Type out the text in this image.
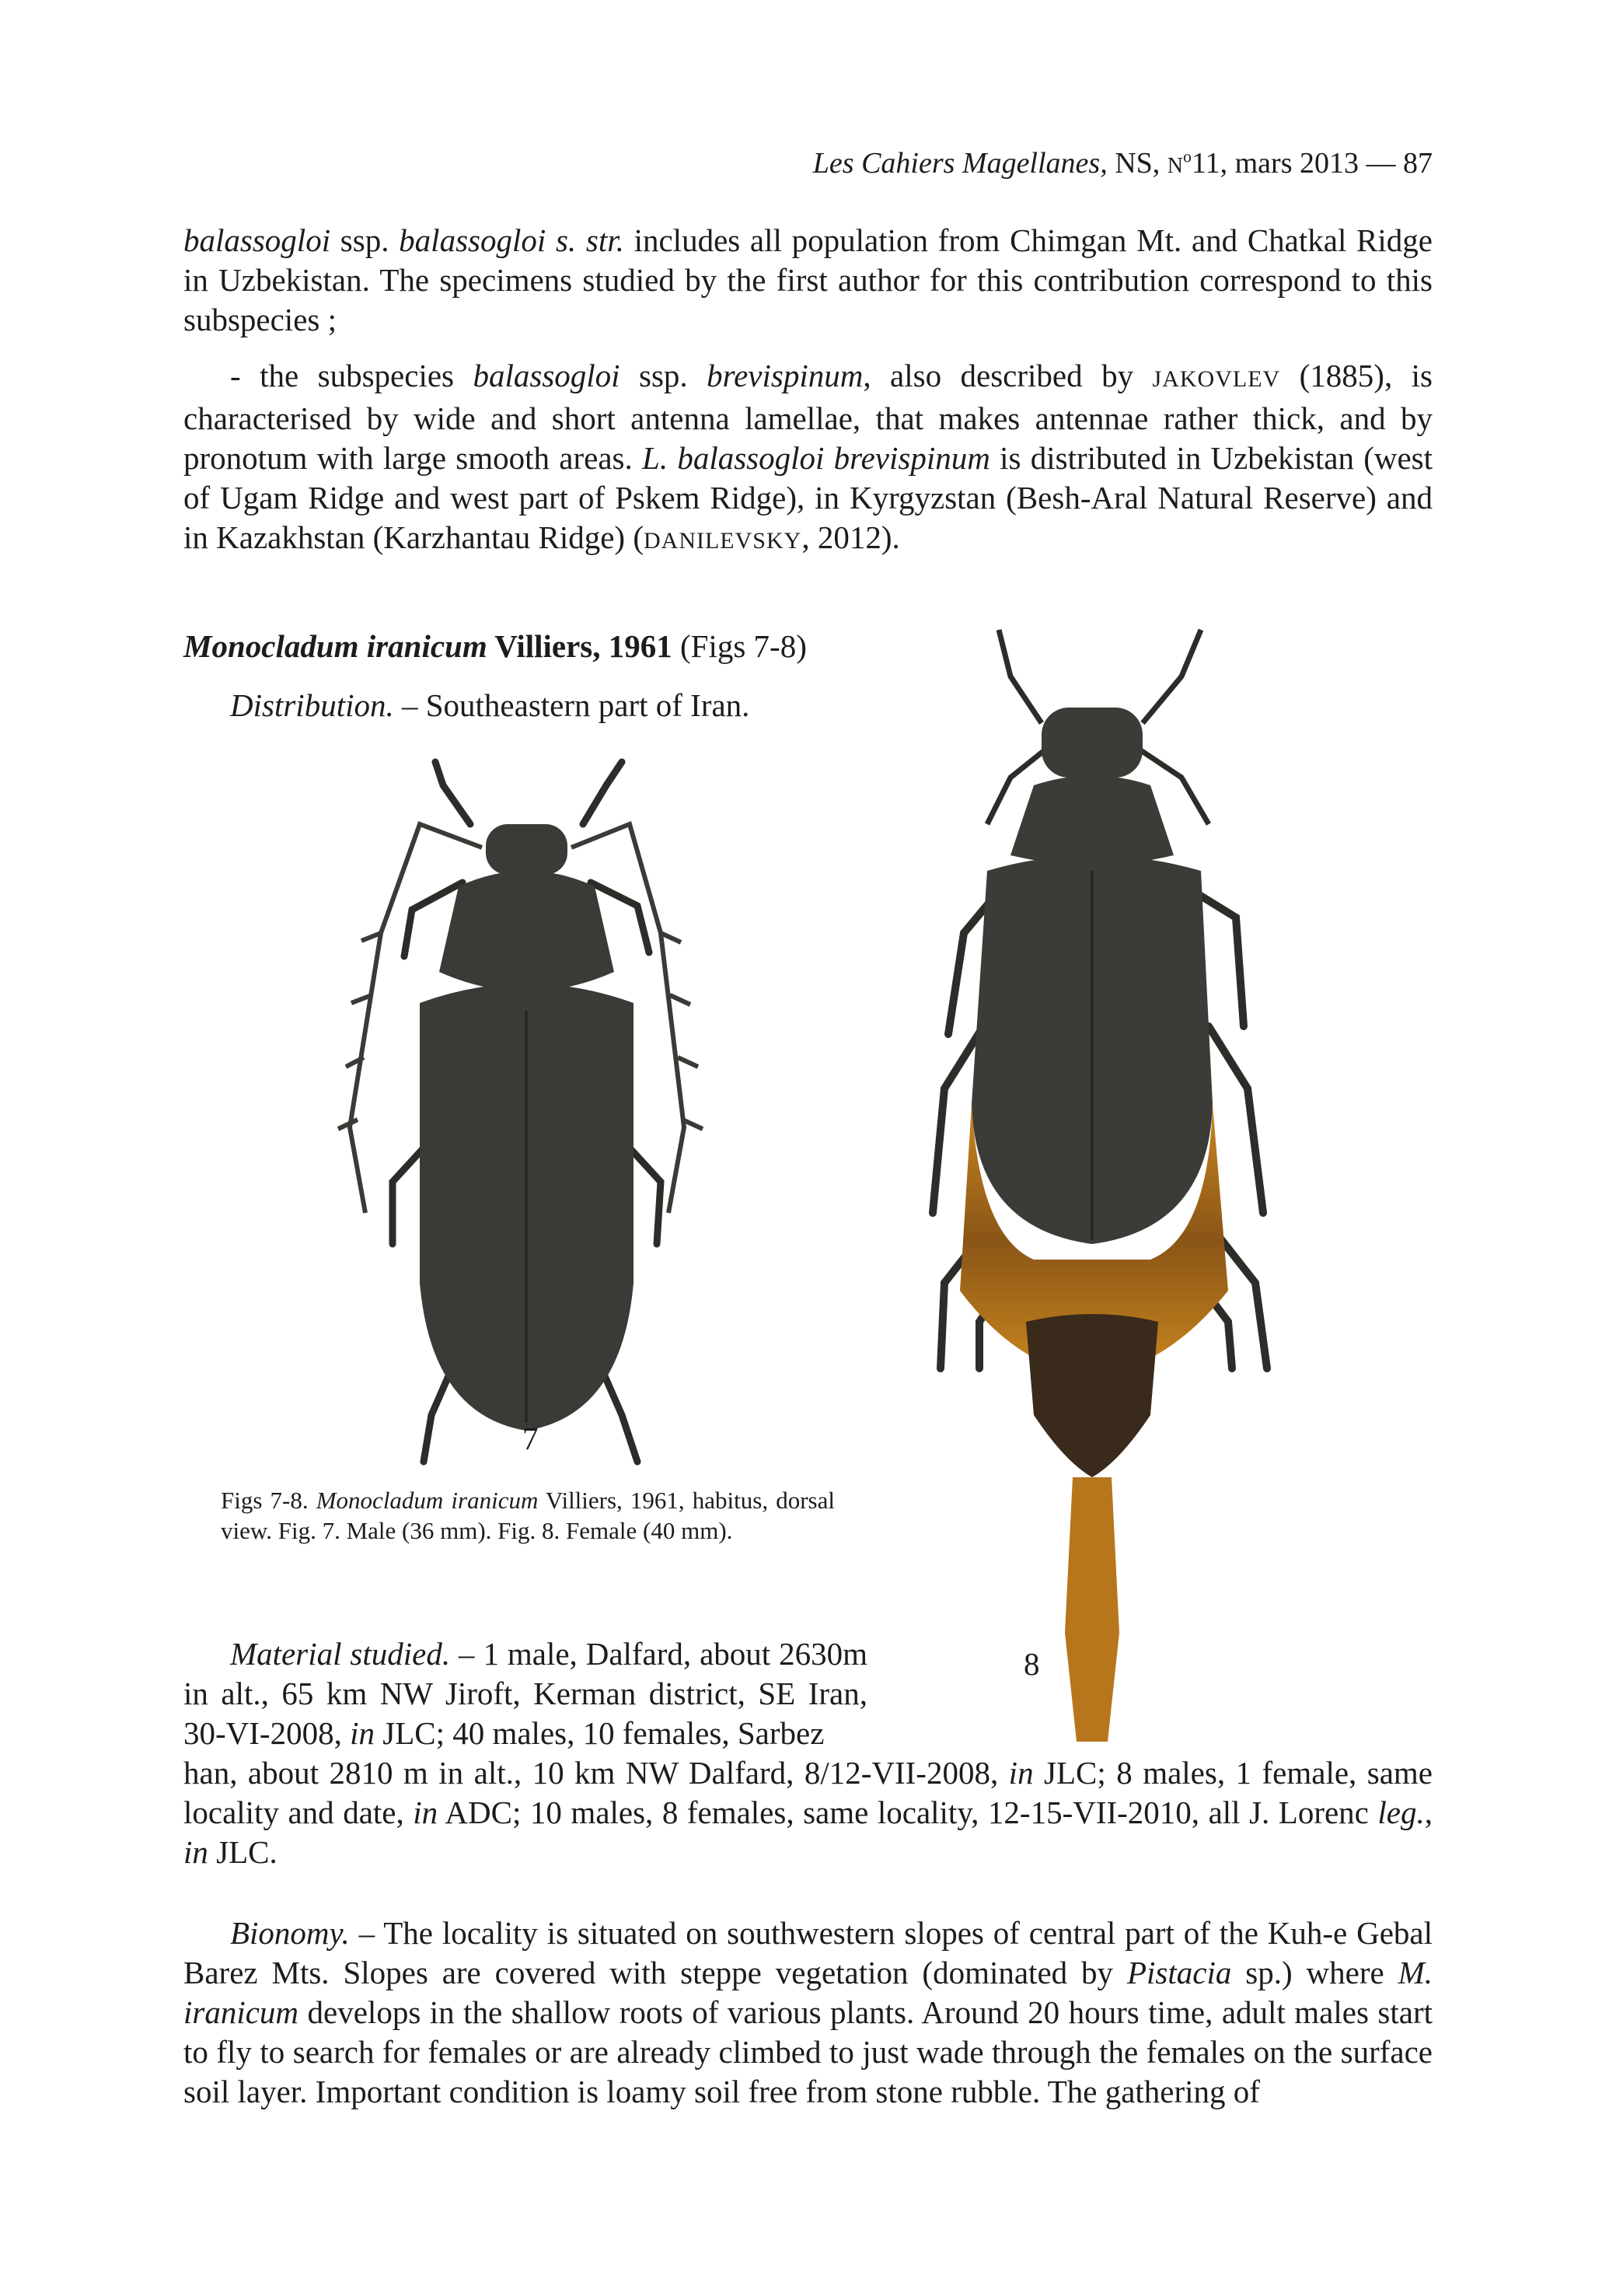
Les Cahiers Magellanes, NS, $N^o11$, mars 2013 — 87

balassogloi ssp. balassogloi s. str. includes all population from Chimgan Mt. and Chatkal Ridge in Uzbekistan. The specimens studied by the first author for this contribution correspond to this subspecies ;

- the subspecies balassogloi ssp. brevispinum, also described by JAKOVLEV (1885), is characterised by wide and short antenna lamellae, that makes antennae rather thick, and by pronotum with large smooth areas. L. balassogloi brevispinum is distributed in Uzbekistan (west of Ugam Ridge and west part of Pskem Ridge), in Kyrgyzstan (Besh-Aral Natural Reserve) and in Kazakhstan (Karzhantau Ridge) (DANILEVSKY, 2012).

Monocladum iranicum Villiers, 1961 (Figs 7-8)
Distribution. – Southeastern part of Iran.
7
8
Figs 7-8. Monocladum iranicum Villiers, 1961, habitus, dorsal view. Fig. 7. Male (36 mm). Fig. 8. Female (40 mm).
Material studied. – 1 male, Dalfard, about 2630m in alt., 65 km NW Jiroft, Kerman district, SE Iran, 30-VI-2008, in JLC; 40 males, 10 females, Sarbez

han, about 2810 m in alt., 10 km NW Dalfard, 8/12-VII-2008, in JLC; 8 males, 1 female, same locality and date, in ADC; 10 males, 8 females, same locality, 12-15-VII-2010, all J. Lorenc leg., in JLC.

Bionomy. – The locality is situated on southwestern slopes of central part of the Kuh-e Gebal Barez Mts. Slopes are covered with steppe vegetation (dominated by Pistacia sp.) where M. iranicum develops in the shallow roots of various plants. Around 20 hours time, adult males start to fly to search for females or are already climbed to just wade through the females on the surface soil layer. Important condition is loamy soil free from stone rubble. The gathering of
